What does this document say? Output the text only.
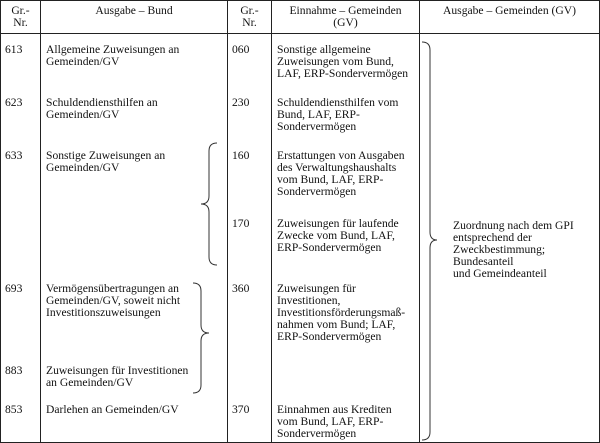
Gr.-
Nr.
Ausgabe – Bund	Gr.-
Nr.
Einnahme – Gemeinden
(GV)
Ausgabe – Gemeinden (GV)
613 Allgemeine Zuweisungen an
Gemeinden/GV
060 Sonstige allgemeine
Zuweisungen vom Bund,
LAF, ERP-Sondervermögen
623 Schuldendiensthilfen an
Gemeinden/GV
230 Schuldendiensthilfen vom
Bund, LAF, ERP-
Sondervermögen
633 Sonstige Zuweisungen an
Gemeinden/GV
160 Erstattungen von Ausgaben
des Verwaltungshaushalts
vom Bund, LAF, ERP-
Sondervermögen
170 Zuweisungen für laufende
Zwecke vom Bund, LAF,
ERP-Sondervermögen
693 Vermögensübertragungen an
Gemeinden/GV, soweit nicht
Investitionszuweisungen
360 Zuweisungen für
Investitionen,
Investitionsförderungsmaß-
nahmen vom Bund; LAF,
ERP-Sondervermögen
883 Zuweisungen für Investitionen
an Gemeinden/GV
853 Darlehen an Gemeinden/GV	370 Einnahmen aus Krediten
vom Bund, LAF, ERP-
Sondervermögen
Zuordnung nach dem GPI
entsprechend der
Zweckbestimmung;
Bundesanteil
und Gemeindeanteil
